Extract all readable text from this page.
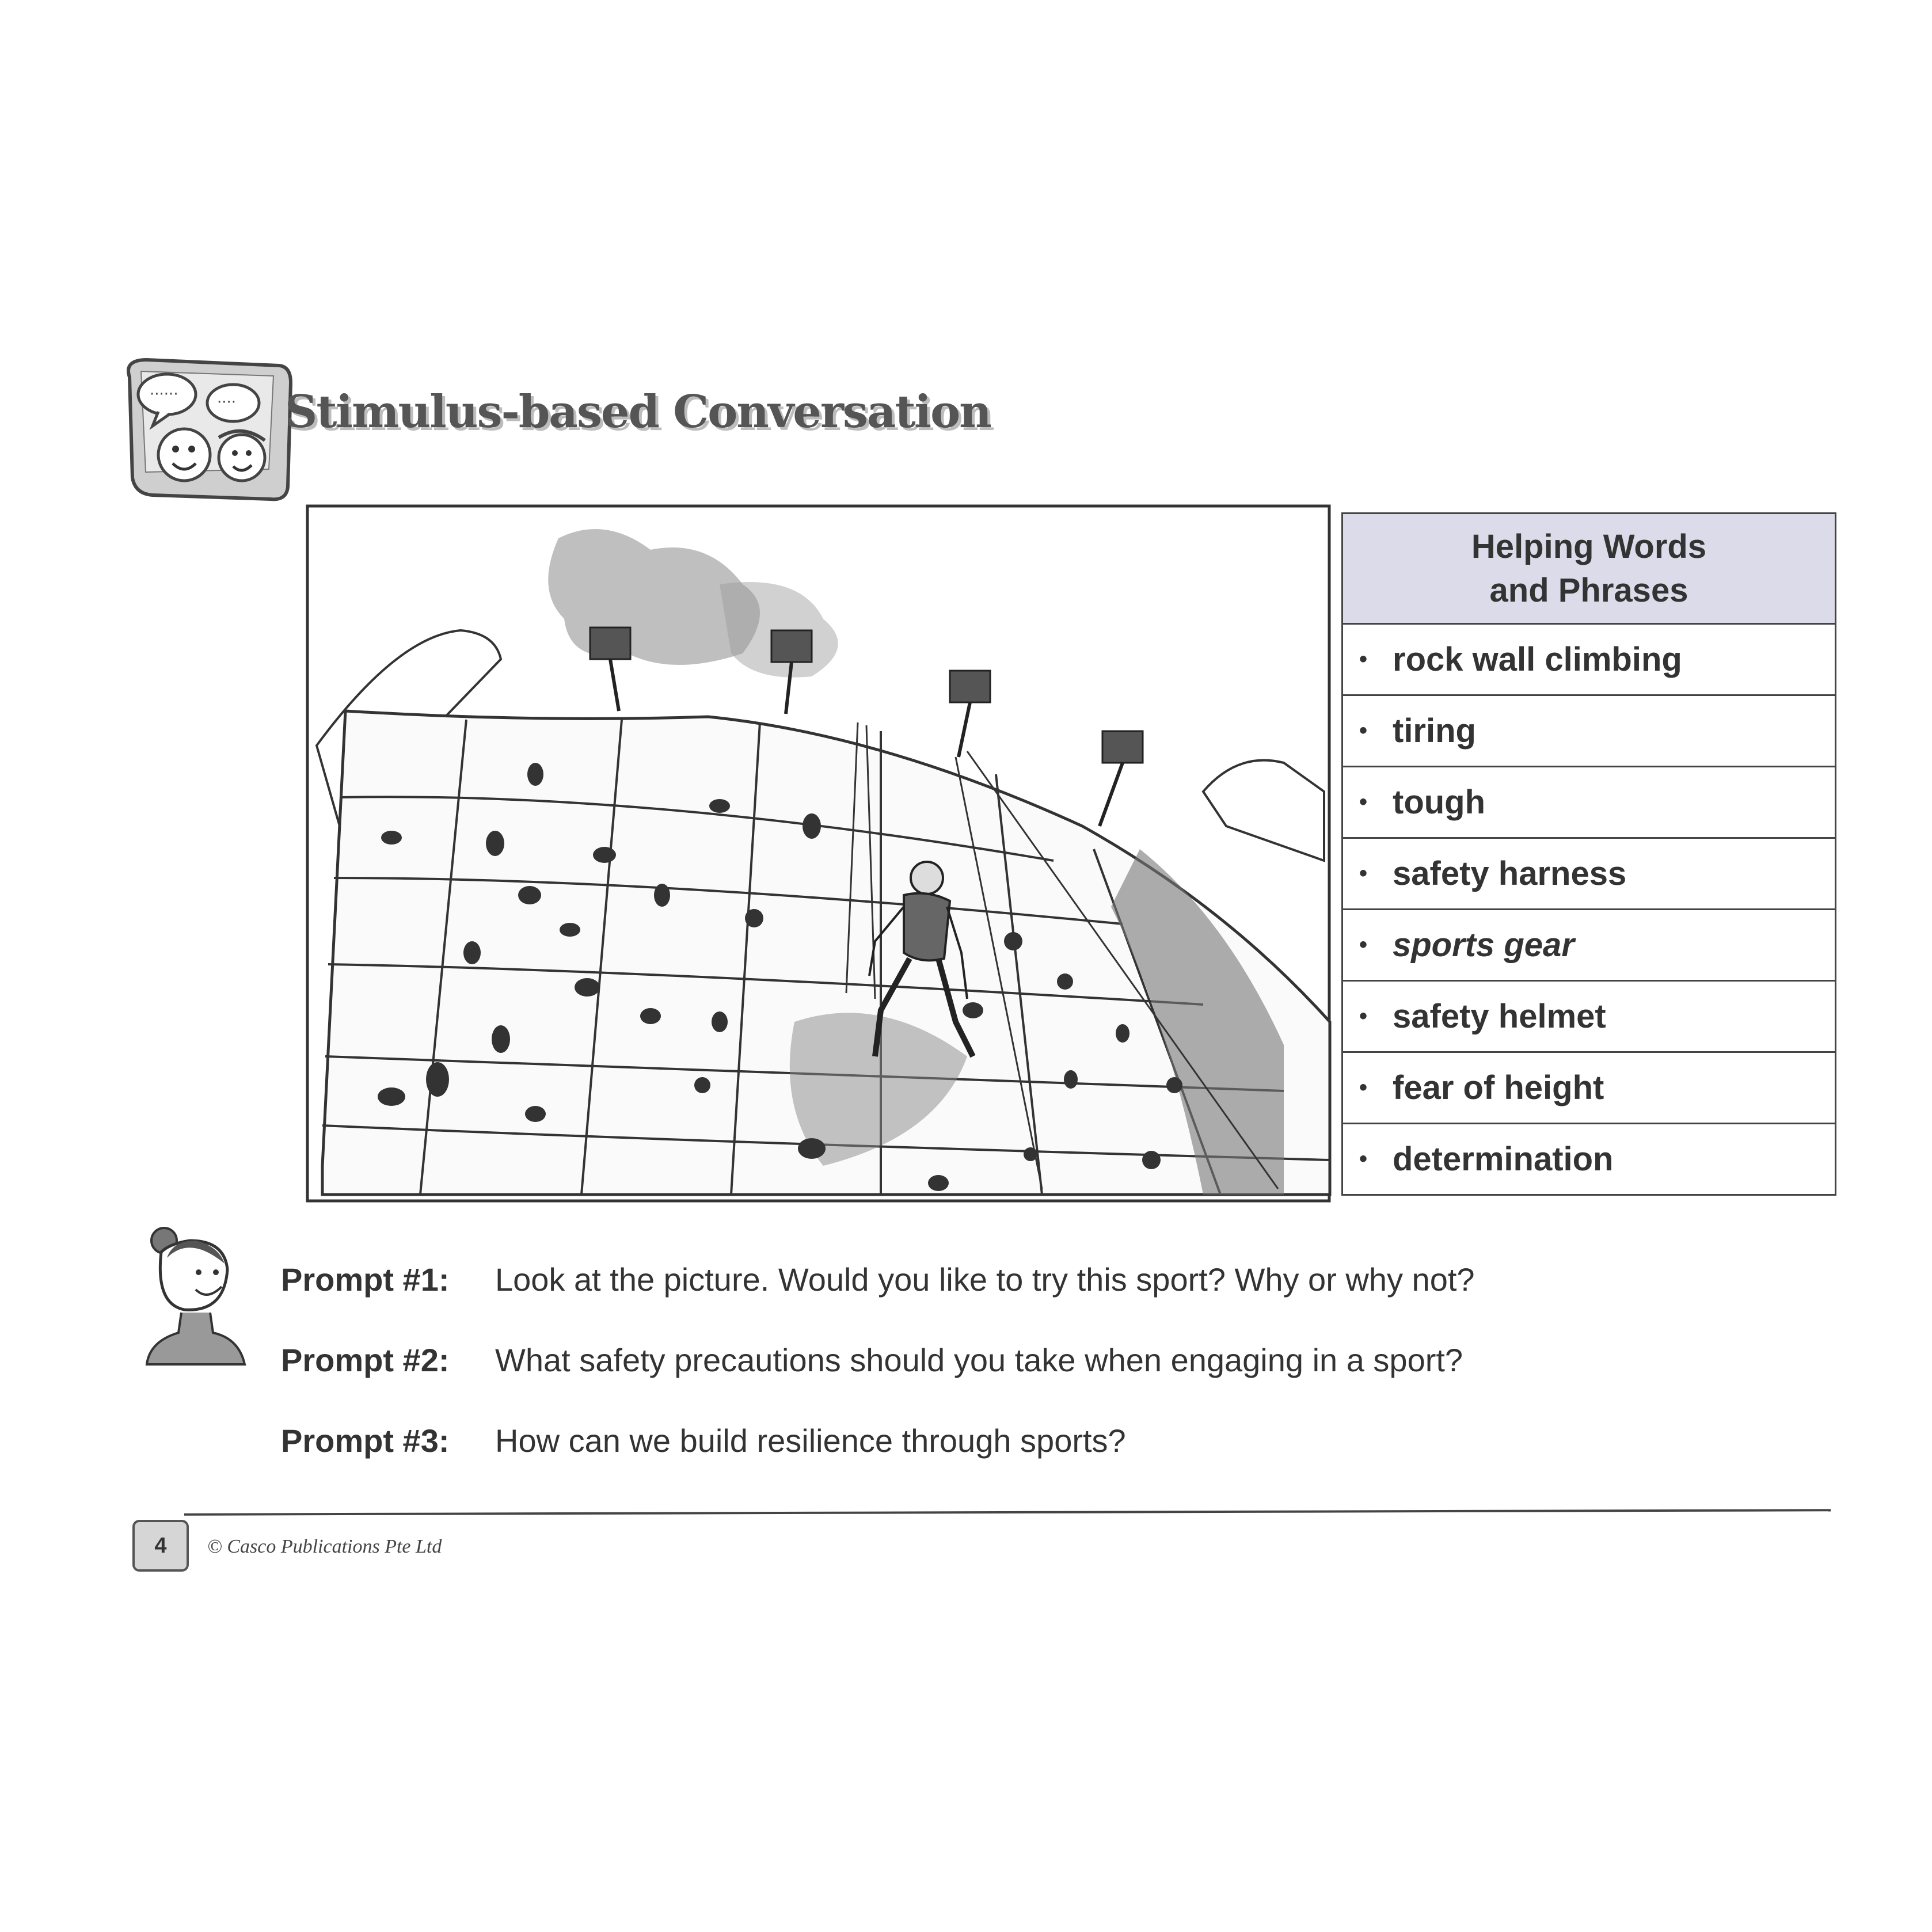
······	···· Stimulus-based Conversation
Helping Words
and Phrases
• rock wall climbing
• tiring
• tough
• safety harness
• sports gear
• safety helmet
• fear of height
• determination
Prompt #1: Look at the picture. Would you like to try this sport? Why or why not?
Prompt #2: What safety precautions should you take when engaging in a sport?
Prompt #3: How can we build resilience through sports?
4	© Casco Publications Pte Ltd
